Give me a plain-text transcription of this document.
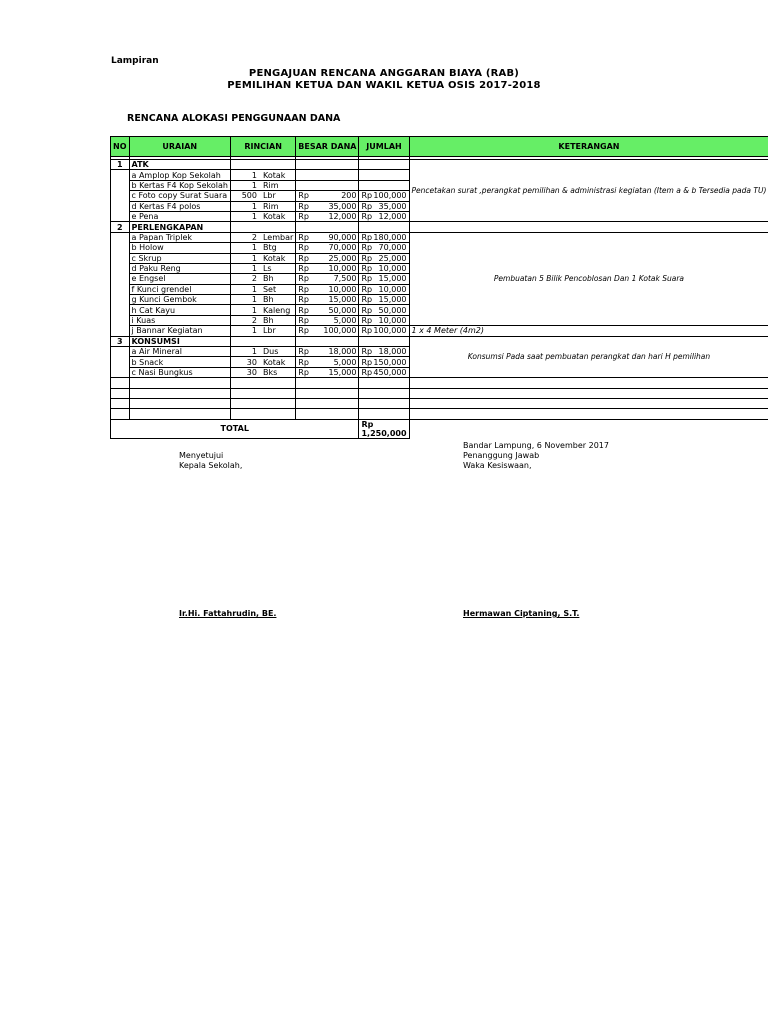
Lampiran
PENGAJUAN RENCANA ANGGARAN BIAYA (RAB)
PEMILIHAN KETUA DAN WAKIL KETUA OSIS 2017-2018
RENCANA ALOKASI PENGGUNAAN DANA
NO	URAIAN	RINCIAN	BESAR DANA	JUMLAH	KETERANGAN

1	ATK				Pencetakan surat ,perangkat pemilihan & administrasi kegiatan (Item a & b Tersedia pada TU)
	a Amplop Kop Sekolah	1 Kotak			
	b Kertas F4 Kop Sekolah	1 Rim			
	c Foto copy Surat Suara	500 Lbr	Rp 200	Rp 100,000	

	d Kertas F4 polos	1 Rim	Rp 35,000	Rp 35,000	

	e Pena	1 Kotak	Rp 12,000	Rp 12,000	

2	PERLENGKAPAN				
	a Papan Triplek	2 Lembar	Rp 90,000	Rp 180,000	Pembuatan 5 Bilik Pencoblosan Dan 1 Kotak Suara
	b Holow	1 Btg	Rp 70,000	Rp 70,000	

	c Skrup	1 Kotak	Rp 25,000	Rp 25,000	

	d Paku Reng	1 Ls	Rp 10,000	Rp 10,000	

	e Engsel	2 Bh	Rp 7,500	Rp 15,000	

	f Kunci grendel	1 Set	Rp 10,000	Rp 10,000	

	g Kunci Gembok	1 Bh	Rp 15,000	Rp 15,000	

	h Cat Kayu	1 Kaleng	Rp 50,000	Rp 50,000	

	i Kuas	2 Bh	Rp 5,000	Rp 10,000	

	j Bannar Kegiatan	1 Lbr	Rp 100,000	Rp 100,000	1 x 4 Meter (4m2)
3	KONSUMSI				Konsumsi Pada saat pembuatan perangkat dan hari H pemilihan
	a Air Mineral	1 Dus	Rp 18,000	Rp 18,000	

	b Snack	30 Kotak	Rp 5,000	Rp 150,000	

	c Nasi Bungkus	30 Bks	Rp 15,000	Rp 450,000	

TOTAL				Rp
1,250,000	

Bandar Lampung, 6 November 2017
Menyetujui
Kepala Sekolah,
Penanggung Jawab
Waka Kesiswaan,
Ir.Hi. Fattahrudin, BE.	Hermawan Ciptaning, S.T.
